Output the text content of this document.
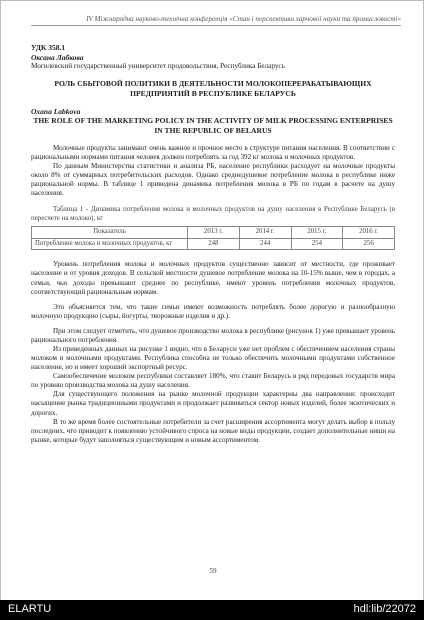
IV Міжнародна науково-технічна конференція «Стан і перспективи харчової науки та промисловості»
УДК 358.1
Оксана Лабкова
Могилевский государственный университет продовольствия, Республика Беларусь
РОЛЬ СБЫТОВОЙ ПОЛИТИКИ В ДЕЯТЕЛЬНОСТИ МОЛОКОПЕРЕРАБАТЫВАЮЩИХ ПРЕДПРИЯТИЙ В РЕСПУБЛИКЕ БЕЛАРУСЬ
Oxana Labkova
THE ROLE OF THE MARKETING POLICY IN THE ACTIVITY OF MILK PROCESSING ENTERPRISES IN THE REPUBLIC OF BELARUS

Молочные продукты занимают очень важное и прочное место в структуре питания населения. В соответствии с рациональными нормами питания человек должен потреблять за год 392 кг молока и молочных продуктов.

По данным Министерства статистики и анализа РБ, население республики расходует на молочные продукты около 8% от суммарных потребительских расходов. Однако среднедушевое потребление молока в республике ниже рациональной нормы. В таблице 1 приведена динамика потребления молока в РБ по годам в расчете на душу населения.

Таблица 1 - Динамика потребления молока и молочных продуктов на душу населения в Республике Беларусь (в пересчете на молоко), кг
Показатель	2013 г.	2014 г.	2015 г.	2016 г.
Потребление молока и молочных продуктов, кг	248	244	254	256

Уровень потребления молока и молочных продуктов существенно зависит от местности, где проживает население и от уровня доходов. В сельской местности душевое потребление молока на 10-15% выше, чем в городах, а семьи, чьи доходы превышают среднее по республике, имеют уровень потребления молочных продуктов, соответствующий рациональным нормам.

Это объясняется тем, что такие семьи имеют возможность потреблять более дорогую и разнообразную молочную продукцию (сыры, йогурты, творожные изделия и др.).

При этом следует отметить, что душевое производство молока в республике (рисунок 1) уже превышает уровень рационального потребления.

Из приведенных данных на рисунке 1 видно, что в Беларуси уже нет проблем с обеспечением населения страны молоком и молочными продуктами. Республика способна не только обеспечить молочными продуктами собственное население, но и имеет хороший экспортный ресурс.

Самообеспечение молоком республики составляет 180%, что ставит Беларусь в ряд передовых государств мира по уровню производства молока на душу населения.

Для существующего положения на рынке молочной продукции характерны два направления: происходит насыщение рынка традиционными продуктами и продолжает развиваться сектор новых изделий, более экзотических и дорогих.

В то же время более состоятельные потребители за счет расширения ассортимента могут делать выбор в пользу последних, что приводит к появлению устойчивого спроса на новые виды продукции, создает дополнительные ниши на рынке, которые будут заполняться существующим и новым ассортиментом.

59
ELARTU	hdl:lib/22072
